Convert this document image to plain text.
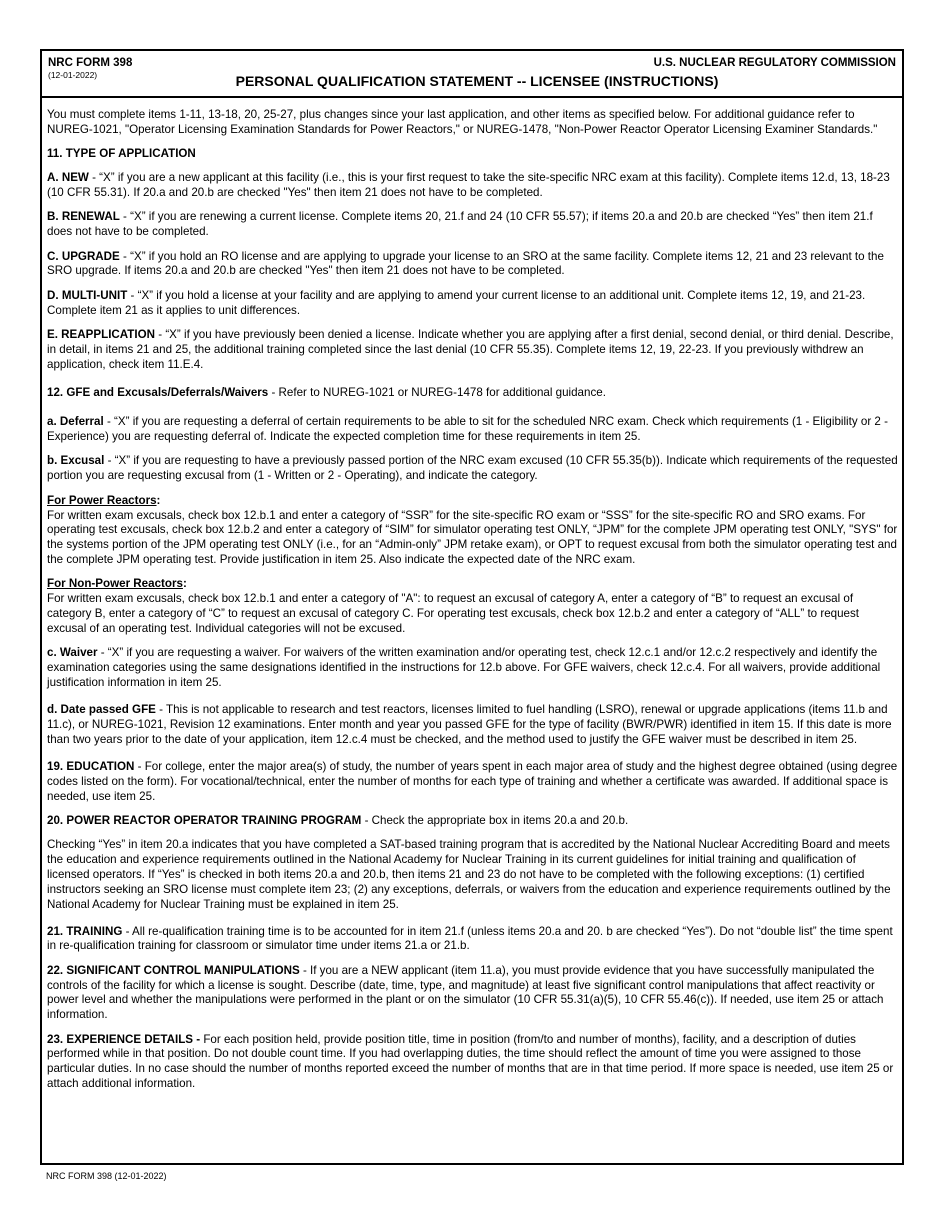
NRC FORM 398
(12-01-2022)
U.S. NUCLEAR REGULATORY COMMISSION
PERSONAL QUALIFICATION STATEMENT -- LICENSEE (INSTRUCTIONS)

You must complete items 1-11, 13-18, 20, 25-27, plus changes since your last application, and other items as specified below. For additional guidance refer to NUREG-1021, "Operator Licensing Examination Standards for Power Reactors," or NUREG-1478, "Non-Power Reactor Operator Licensing Examiner Standards."

11. TYPE OF APPLICATION

A. NEW - “X” if you are a new applicant at this facility (i.e., this is your first request to take the site-specific NRC exam at this facility). Complete items 12.d, 13, 18-23 (10 CFR 55.31). If 20.a and 20.b are checked "Yes" then item 21 does not have to be completed.

B. RENEWAL - “X” if you are renewing a current license. Complete items 20, 21.f and 24 (10 CFR 55.57); if items 20.a and 20.b are checked “Yes” then item 21.f does not have to be completed.

C. UPGRADE - “X” if you hold an RO license and are applying to upgrade your license to an SRO at the same facility. Complete items 12, 21 and 23 relevant to the SRO upgrade. If items 20.a and 20.b are checked "Yes" then item 21 does not have to be completed.

D. MULTI-UNIT - “X” if you hold a license at your facility and are applying to amend your current license to an additional unit. Complete items 12, 19, and 21-23. Complete item 21 as it applies to unit differences.

E. REAPPLICATION - “X” if you have previously been denied a license. Indicate whether you are applying after a first denial, second denial, or third denial. Describe, in detail, in items 21 and 25, the additional training completed since the last denial (10 CFR 55.35). Complete items 12, 19, 22-23. If you previously withdrew an application, check item 11.E.4.

12. GFE and Excusals/Deferrals/Waivers - Refer to NUREG-1021 or NUREG-1478 for additional guidance.

a. Deferral - “X” if you are requesting a deferral of certain requirements to be able to sit for the scheduled NRC exam. Check which requirements (1 - Eligibility or 2 - Experience) you are requesting deferral of. Indicate the expected completion time for these requirements in item 25.

b. Excusal - “X” if you are requesting to have a previously passed portion of the NRC exam excused (10 CFR 55.35(b)). Indicate which requirements of the requested portion you are requesting excusal from (1 - Written or 2 - Operating), and indicate the category.

For Power Reactors:
For written exam excusals, check box 12.b.1 and enter a category of “SSR” for the site-specific RO exam or “SSS” for the site-specific RO and SRO exams. For operating test excusals, check box 12.b.2 and enter a category of “SIM” for simulator operating test ONLY, “JPM” for the complete JPM operating test ONLY, "SYS" for the systems portion of the JPM operating test ONLY (i.e., for an “Admin-only” JPM retake exam), or OPT to request excusal from both the simulator operating test and the complete JPM operating test. Provide justification in item 25. Also indicate the expected date of the NRC exam.

For Non-Power Reactors:
For written exam excusals, check box 12.b.1 and enter a category of "A": to request an excusal of category A, enter a category of “B” to request an excusal of category B, enter a category of “C” to request an excusal of category C. For operating test excusals, check box 12.b.2 and enter a category of “ALL” to request excusal of an operating test. Individual categories will not be excused.

c. Waiver - “X” if you are requesting a waiver. For waivers of the written examination and/or operating test, check 12.c.1 and/or 12.c.2 respectively and identify the examination categories using the same designations identified in the instructions for 12.b above. For GFE waivers, check 12.c.4. For all waivers, provide additional justification information in item 25.

d. Date passed GFE - This is not applicable to research and test reactors, licenses limited to fuel handling (LSRO), renewal or upgrade applications (items 11.b and 11.c), or NUREG-1021, Revision 12 examinations. Enter month and year you passed GFE for the type of facility (BWR/PWR) identified in item 15. If this date is more than two years prior to the date of your application, item 12.c.4 must be checked, and the method used to justify the GFE waiver must be described in item 25.

19. EDUCATION - For college, enter the major area(s) of study, the number of years spent in each major area of study and the highest degree obtained (using degree codes listed on the form). For vocational/technical, enter the number of months for each type of training and whether a certificate was awarded. If additional space is needed, use item 25.

20. POWER REACTOR OPERATOR TRAINING PROGRAM - Check the appropriate box in items 20.a and 20.b.

Checking “Yes” in item 20.a indicates that you have completed a SAT-based training program that is accredited by the National Nuclear Accrediting Board and meets the education and experience requirements outlined in the National Academy for Nuclear Training in its current guidelines for initial training and qualification of licensed operators. If “Yes” is checked in both items 20.a and 20.b, then items 21 and 23 do not have to be completed with the following exceptions: (1) certified instructors seeking an SRO license must complete item 23; (2) any exceptions, deferrals, or waivers from the education and experience requirements outlined by the National Academy for Nuclear Training must be explained in item 25.

21. TRAINING - All re-qualification training time is to be accounted for in item 21.f (unless items 20.a and 20. b are checked “Yes”). Do not “double list” the time spent in re-qualification training for classroom or simulator time under items 21.a or 21.b.

22. SIGNIFICANT CONTROL MANIPULATIONS - If you are a NEW applicant (item 11.a), you must provide evidence that you have successfully manipulated the controls of the facility for which a license is sought. Describe (date, time, type, and magnitude) at least five significant control manipulations that affect reactivity or power level and whether the manipulations were performed in the plant or on the simulator (10 CFR 55.31(a)(5), 10 CFR 55.46(c)). If needed, use item 25 or attach information.

23. EXPERIENCE DETAILS - For each position held, provide position title, time in position (from/to and number of months), facility, and a description of duties performed while in that position. Do not double count time. If you had overlapping duties, the time should reflect the amount of time you were assigned to those particular duties. In no case should the number of months reported exceed the number of months that are in that time period. If more space is needed, use item 25 or attach additional information.

NRC FORM 398 (12-01-2022)
